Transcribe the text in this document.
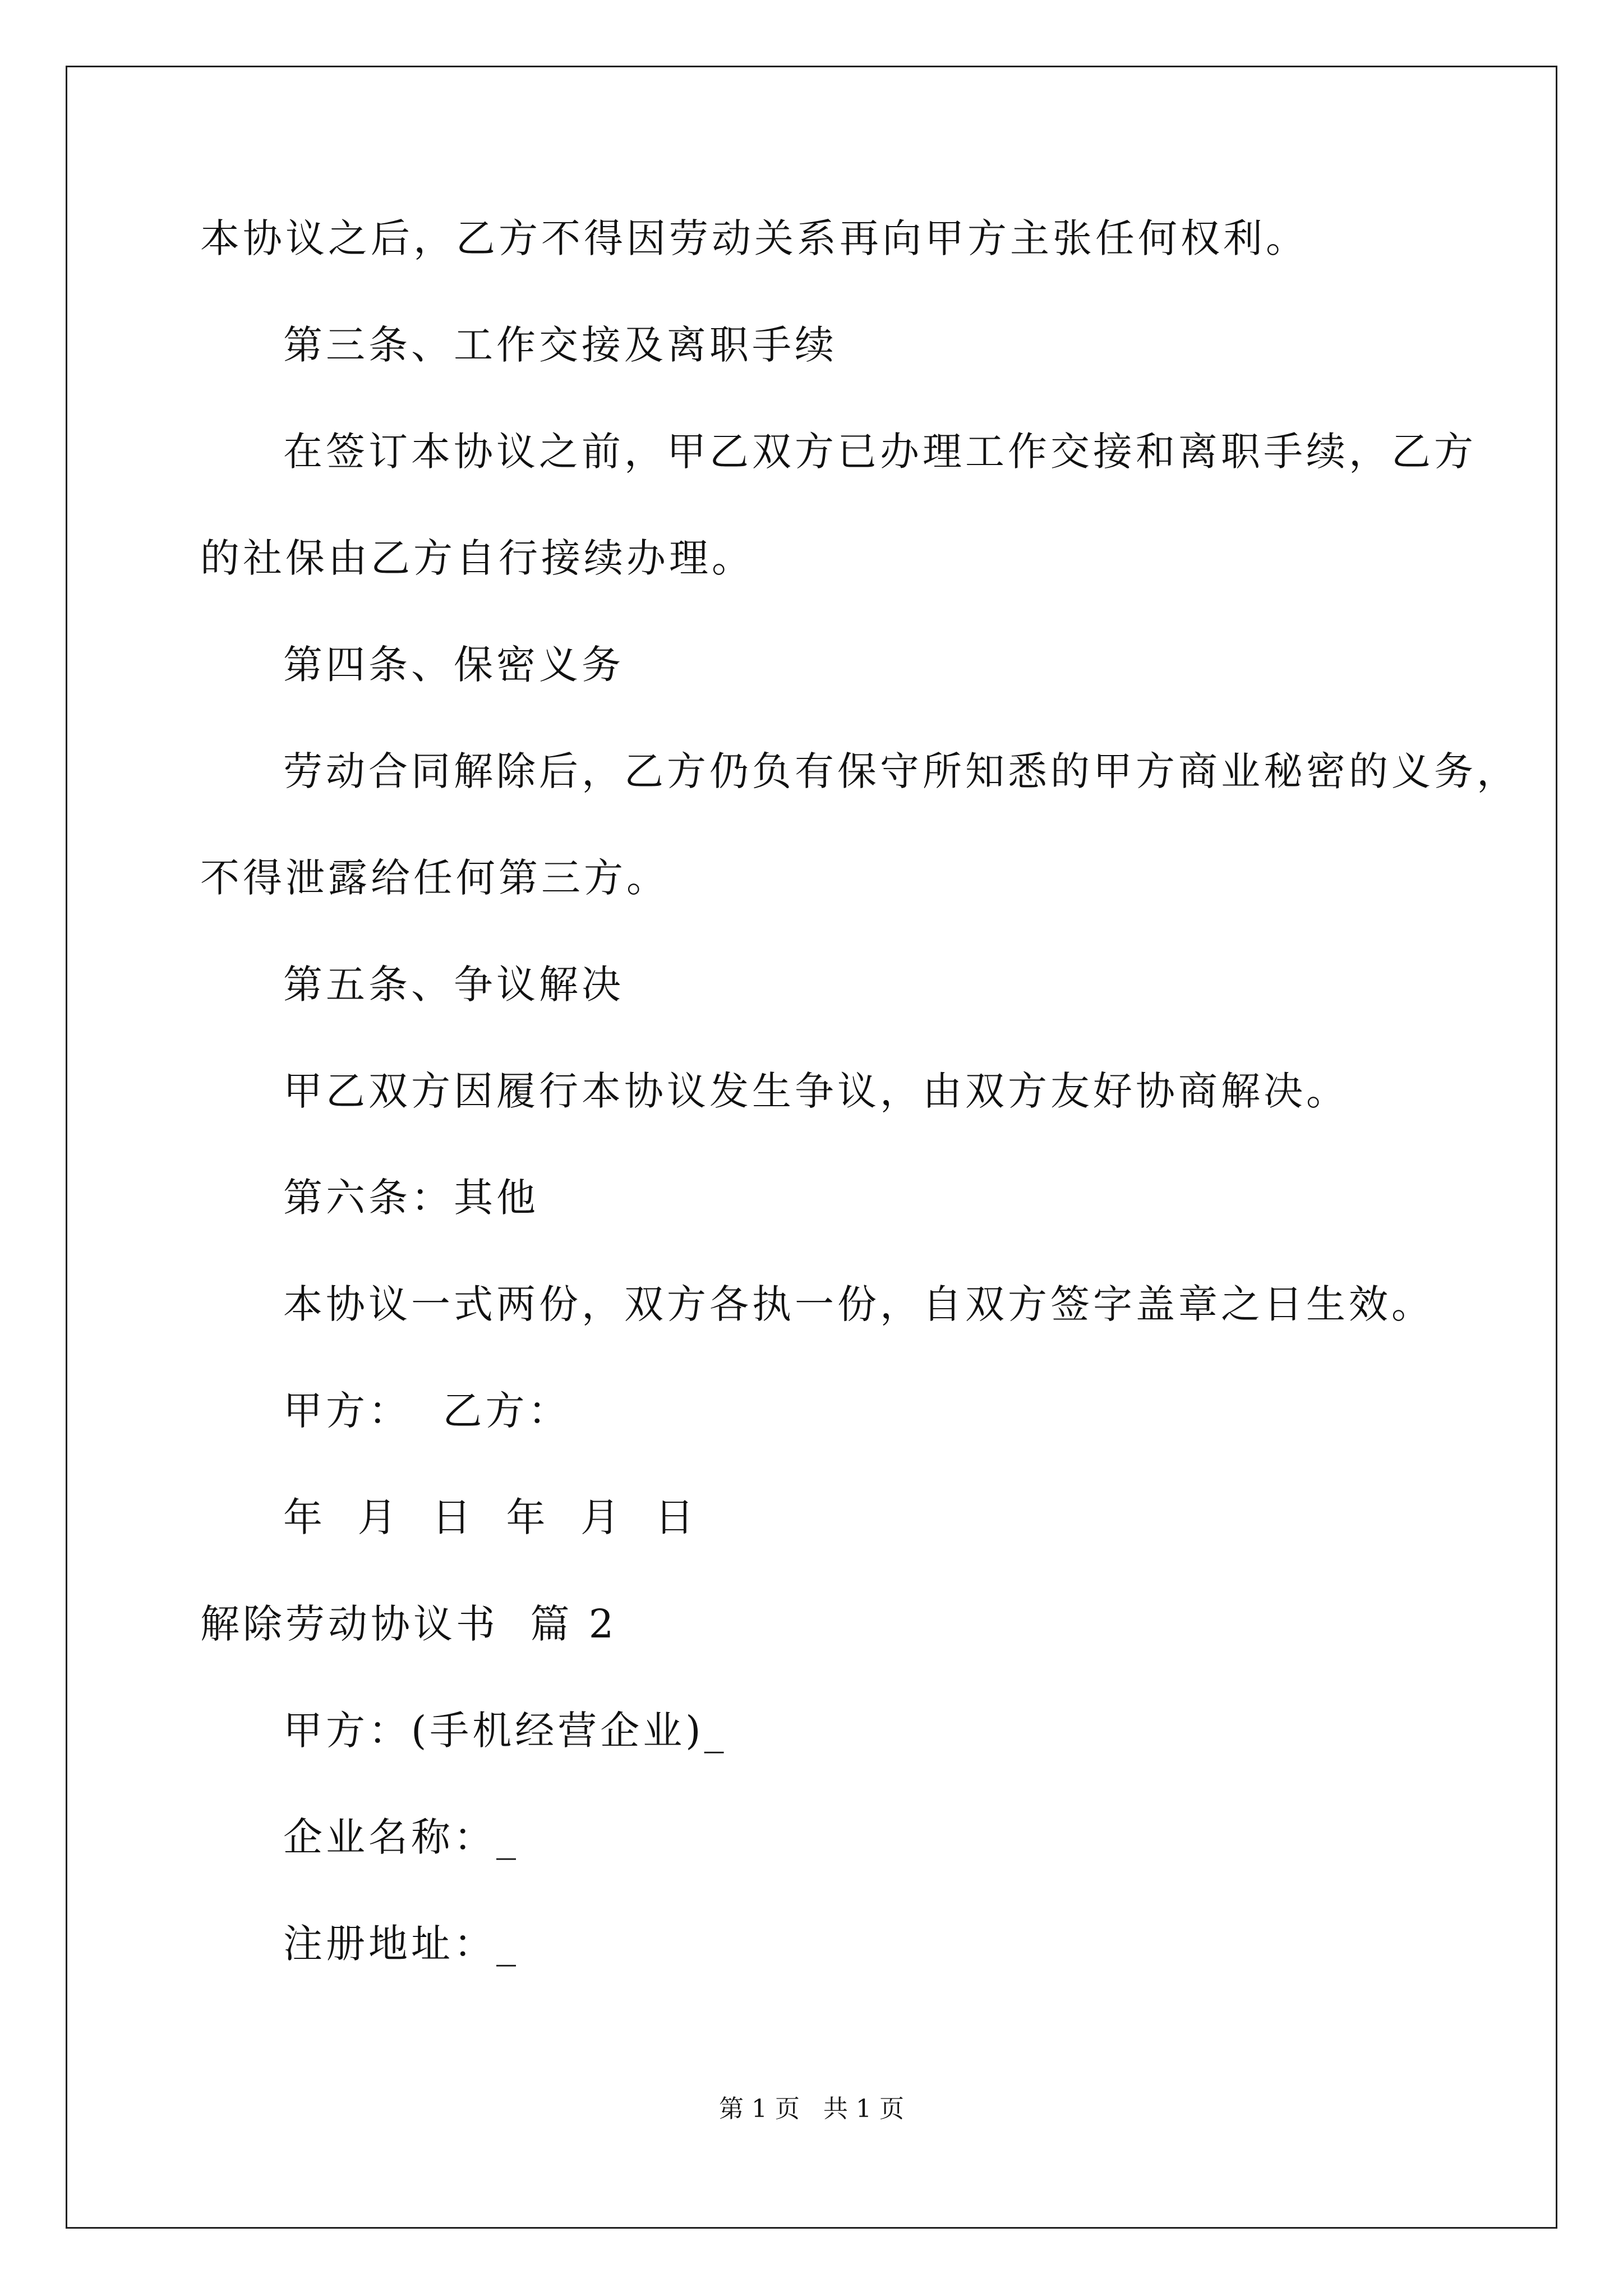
本协议之后，乙方不得因劳动关系再向甲方主张任何权利。
第三条、工作交接及离职手续
在签订本协议之前，甲乙双方已办理工作交接和离职手续，乙方
的社保由乙方自行接续办理。
第四条、保密义务
劳动合同解除后，乙方仍负有保守所知悉的甲方商业秘密的义务，
不得泄露给任何第三方。
第五条、争议解决
甲乙双方因履行本协议发生争议，由双方友好协商解决。
第六条：其他
本协议一式两份，双方各执一份，自双方签字盖章之日生效。
甲方：  乙方：
年  月  日  年  月  日
解除劳动协议书  篇 2
甲方：(手机经营企业)_
企业名称：_
注册地址：_
第 1 页   共 1 页
